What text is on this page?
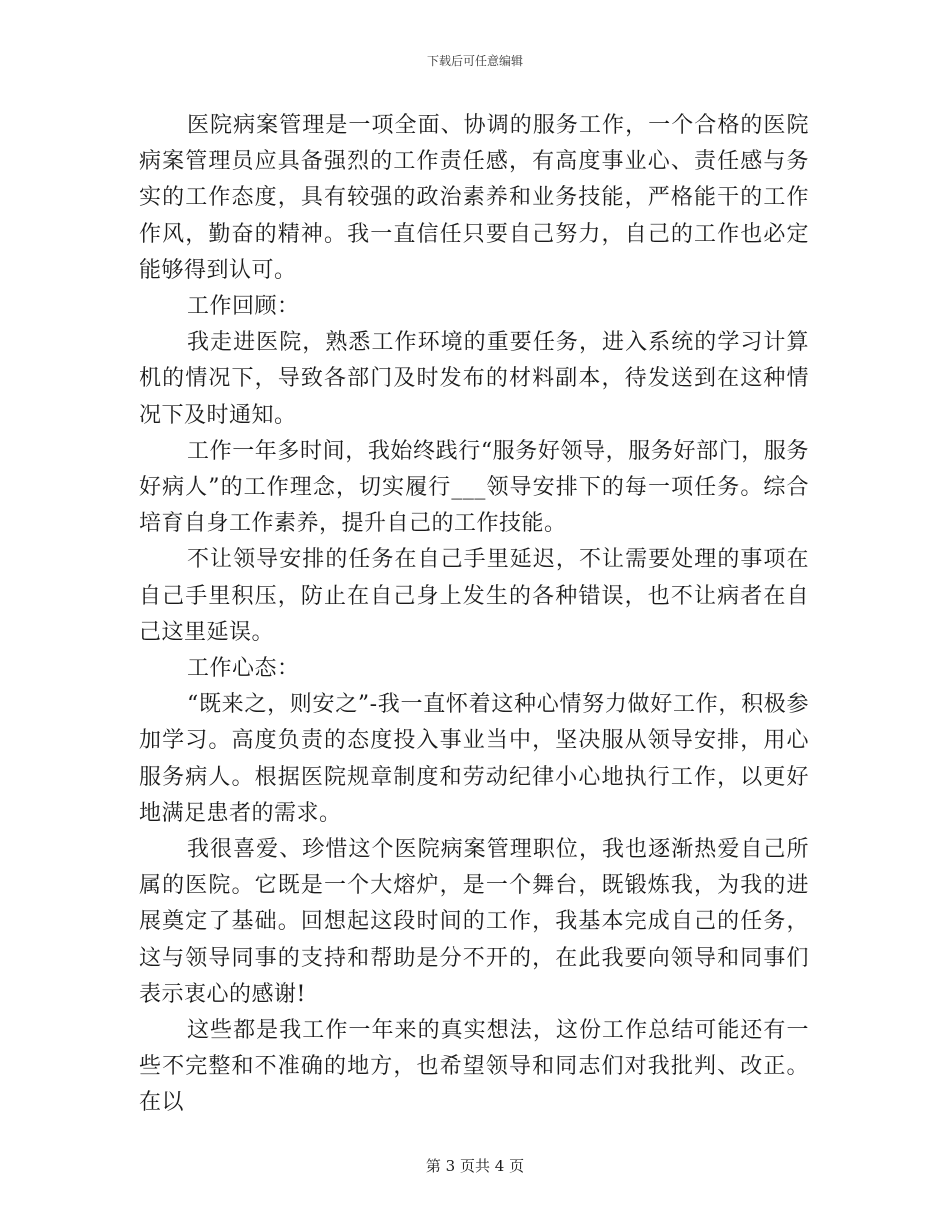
下载后可任意编辑

医院病案管理是一项全面、协调的服务工作，一个合格的医院病案管理员应具备强烈的工作责任感，有高度事业心、责任感与务实的工作态度，具有较强的政治素养和业务技能，严格能干的工作作风，勤奋的精神。我一直信任只要自己努力，自己的工作也必定能够得到认可。

工作回顾：

我走进医院，熟悉工作环境的重要任务，进入系统的学习计算机的情况下，导致各部门及时发布的材料副本，待发送到在这种情况下及时通知。

工作一年多时间，我始终践行“服务好领导，服务好部门，服务好病人”的工作理念，切实履行___领导安排下的每一项任务。综合培育自身工作素养，提升自己的工作技能。

不让领导安排的任务在自己手里延迟，不让需要处理的事项在自己手里积压，防止在自己身上发生的各种错误，也不让病者在自己这里延误。

工作心态：

“既来之，则安之”-我一直怀着这种心情努力做好工作，积极参加学习。高度负责的态度投入事业当中，坚决服从领导安排，用心服务病人。根据医院规章制度和劳动纪律小心地执行工作，以更好地满足患者的需求。

我很喜爱、珍惜这个医院病案管理职位，我也逐渐热爱自己所属的医院。它既是一个大熔炉，是一个舞台，既锻炼我，为我的进展奠定了基础。回想起这段时间的工作，我基本完成自己的任务，这与领导同事的支持和帮助是分不开的，在此我要向领导和同事们表示衷心的感谢!

这些都是我工作一年来的真实想法，这份工作总结可能还有一些不完整和不准确的地方，也希望领导和同志们对我批判、改正。在以

第 3 页共 4 页
